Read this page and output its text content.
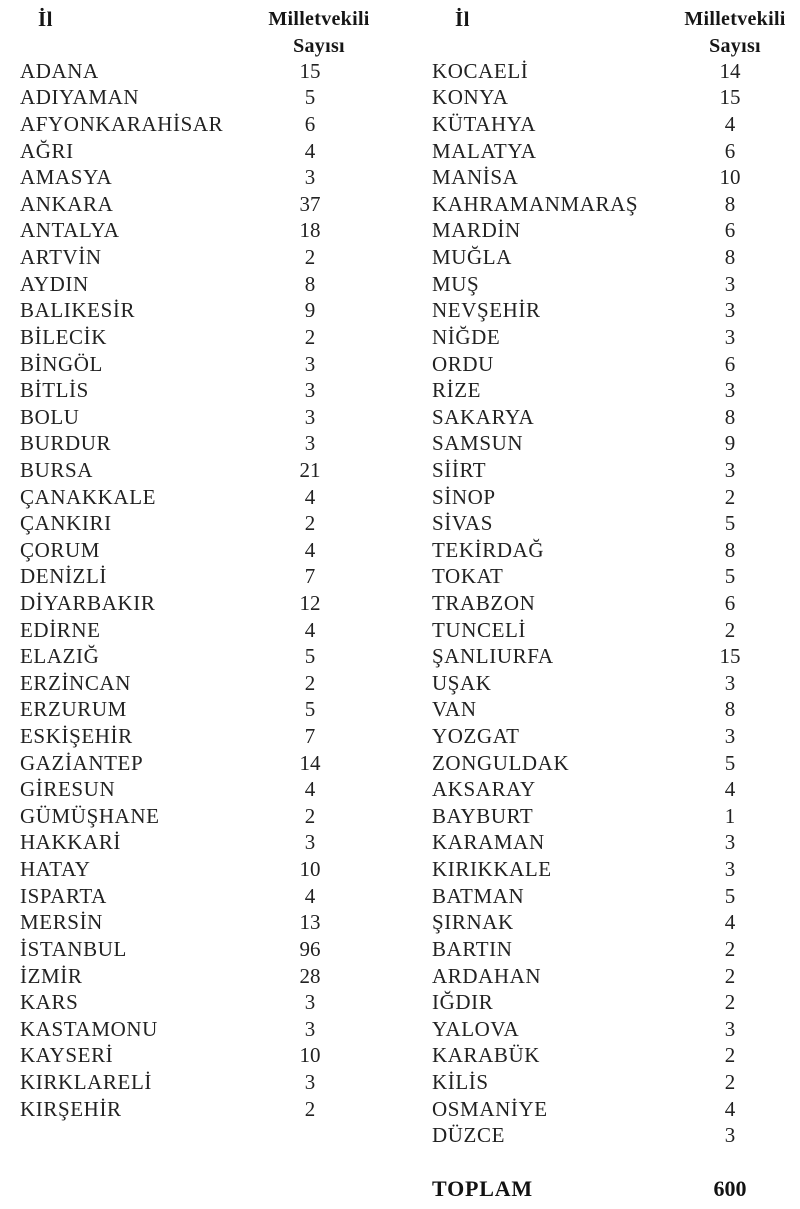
İl	Milletvekili
Sayısı
İl	Milletvekili
Sayısı
ADANA	15
ADIYAMAN	5
AFYONKARAHİSAR	6
AĞRI	4
AMASYA	3
ANKARA	37
ANTALYA	18
ARTVİN	2
AYDIN	8
BALIKESİR	9
BİLECİK	2
BİNGÖL	3
BİTLİS	3
BOLU	3
BURDUR	3
BURSA	21
ÇANAKKALE	4
ÇANKIRI	2
ÇORUM	4
DENİZLİ	7
DİYARBAKIR	12
EDİRNE	4
ELAZIĞ	5
ERZİNCAN	2
ERZURUM	5
ESKİŞEHİR	7
GAZİANTEP	14
GİRESUN	4
GÜMÜŞHANE	2
HAKKARİ	3
HATAY	10
ISPARTA	4
MERSİN	13
İSTANBUL	96
İZMİR	28
KARS	3
KASTAMONU	3
KAYSERİ	10
KIRKLARELİ	3
KIRŞEHİR	2
KOCAELİ	14
KONYA	15
KÜTAHYA	4
MALATYA	6
MANİSA	10
KAHRAMANMARAŞ	8
MARDİN	6
MUĞLA	8
MUŞ	3
NEVŞEHİR	3
NİĞDE	3
ORDU	6
RİZE	3
SAKARYA	8
SAMSUN	9
SİİRT	3
SİNOP	2
SİVAS	5
TEKİRDAĞ	8
TOKAT	5
TRABZON	6
TUNCELİ	2
ŞANLIURFA	15
UŞAK	3
VAN	8
YOZGAT	3
ZONGULDAK	5
AKSARAY	4
BAYBURT	1
KARAMAN	3
KIRIKKALE	3
BATMAN	5
ŞIRNAK	4
BARTIN	2
ARDAHAN	2
IĞDIR	2
YALOVA	3
KARABÜK	2
KİLİS	2
OSMANİYE	4
DÜZCE	3
TOPLAM	600
